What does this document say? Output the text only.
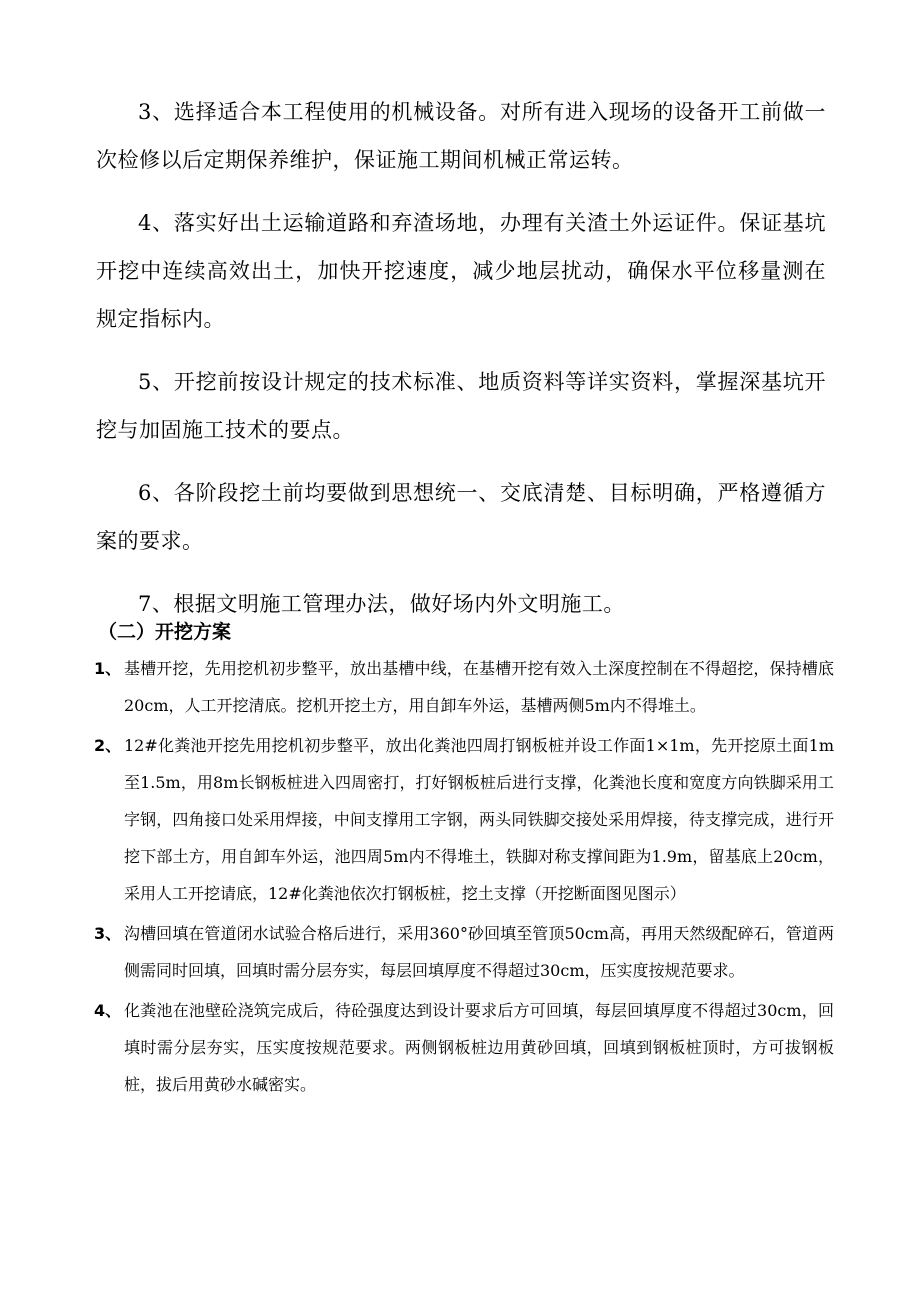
3、选择适合本工程使用的机械设备。对所有进入现场的设备开工前做一次检修以后定期保养维护，保证施工期间机械正常运转。

4、落实好出土运输道路和弃渣场地，办理有关渣土外运证件。保证基坑开挖中连续高效出土，加快开挖速度，减少地层扰动，确保水平位移量测在规定指标内。

5、开挖前按设计规定的技术标准、地质资料等详实资料，掌握深基坑开挖与加固施工技术的要点。

6、各阶段挖土前均要做到思想统一、交底清楚、目标明确，严格遵循方案的要求。

7、根据文明施工管理办法，做好场内外文明施工。

（二）开挖方案
1、 基槽开挖，先用挖机初步整平，放出基槽中线，在基槽开挖有效入土深度控制在不得超挖，保持槽底20cm，人工开挖清底。挖机开挖土方，用自卸车外运，基槽两侧5m内不得堆土。
2、 12#化粪池开挖先用挖机初步整平，放出化粪池四周打钢板桩并设工作面1×1m，先开挖原土面1m至1.5m，用8m长钢板桩进入四周密打，打好钢板桩后进行支撑，化粪池长度和宽度方向铁脚采用工字钢，四角接口处采用焊接，中间支撑用工字钢，两头同铁脚交接处采用焊接，待支撑完成，进行开挖下部土方，用自卸车外运，池四周5m内不得堆土，铁脚对称支撑间距为1.9m，留基底上20cm，采用人工开挖请底，12#化粪池依次打钢板桩，挖土支撑（开挖断面图见图示）
3、 沟槽回填在管道闭水试验合格后进行，采用360°砂回填至管顶50cm高，再用天然级配碎石，管道两侧需同时回填，回填时需分层夯实，每层回填厚度不得超过30cm，压实度按规范要求。
4、 化粪池在池壁砼浇筑完成后，待砼强度达到设计要求后方可回填，每层回填厚度不得超过30cm，回填时需分层夯实，压实度按规范要求。两侧钢板桩边用黄砂回填，回填到钢板桩顶时，方可拔钢板桩，拔后用黄砂水碱密实。
